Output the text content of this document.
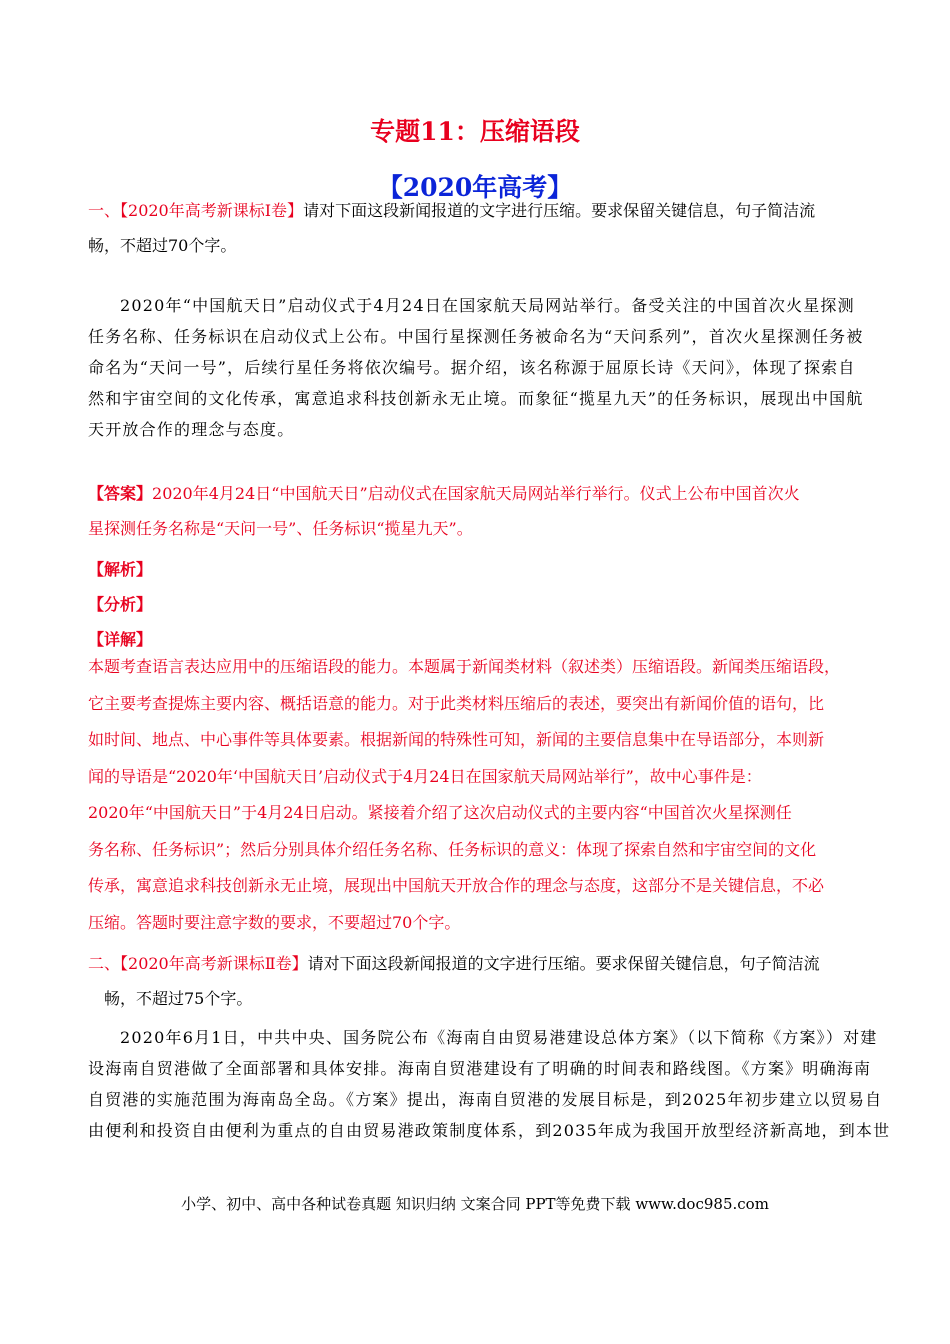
专题11：压缩语段
【2020年高考】
一、【2020年高考新课标Ⅰ卷】请对下面这段新闻报道的文字进行压缩。要求保留关键信息，句子简洁流
畅，不超过70个字。
2020年“中国航天日”启动仪式于4月24日在国家航天局网站举行。备受关注的中国首次火星探测
任务名称、任务标识在启动仪式上公布。中国行星探测任务被命名为“天问系列”，首次火星探测任务被
命名为“天问一号”，后续行星任务将依次编号。据介绍，该名称源于屈原长诗《天问》，体现了探索自
然和宇宙空间的文化传承，寓意追求科技创新永无止境。而象征“揽星九天”的任务标识，展现出中国航
天开放合作的理念与态度。
【答案】2020年4月24日“中国航天日”启动仪式在国家航天局网站举行举行。仪式上公布中国首次火
星探测任务名称是“天问一号”、任务标识“揽星九天”。
【解析】
【分析】
【详解】
本题考查语言表达应用中的压缩语段的能力。本题属于新闻类材料（叙述类）压缩语段。新闻类压缩语段，
它主要考查提炼主要内容、概括语意的能力。对于此类材料压缩后的表述，要突出有新闻价值的语句，比
如时间、地点、中心事件等具体要素。根据新闻的特殊性可知，新闻的主要信息集中在导语部分，本则新
闻的导语是“2020年‘中国航天日’启动仪式于4月24日在国家航天局网站举行”，故中心事件是：
2020年“中国航天日”于4月24日启动。紧接着介绍了这次启动仪式的主要内容“中国首次火星探测任
务名称、任务标识”；然后分别具体介绍任务名称、任务标识的意义：体现了探索自然和宇宙空间的文化
传承，寓意追求科技创新永无止境，展现出中国航天开放合作的理念与态度，这部分不是关键信息，不必
压缩。答题时要注意字数的要求，不要超过70个字。
二、【2020年高考新课标Ⅱ卷】请对下面这段新闻报道的文字进行压缩。要求保留关键信息，句子简洁流
畅，不超过75个字。
2020年6月1日，中共中央、国务院公布《海南自由贸易港建设总体方案》（以下简称《方案》）对建
设海南自贸港做了全面部署和具体安排。海南自贸港建设有了明确的时间表和路线图。《方案》明确海南
自贸港的实施范围为海南岛全岛。《方案》提出，海南自贸港的发展目标是，到2025年初步建立以贸易自
由便利和投资自由便利为重点的自由贸易港政策制度体系，到2035年成为我国开放型经济新高地，到本世
小学、初中、高中各种试卷真题 知识归纳 文案合同 PPT等免费下载 www.doc985.com
